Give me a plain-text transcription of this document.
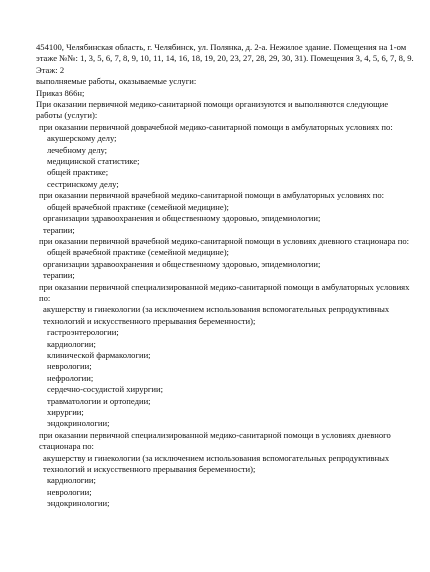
454100, Челябинская область, г. Челябинск, ул. Полянка, д. 2-а. Нежилое здание. Помещения на 1-ом этаже №№: 1, 3, 5, 6, 7, 8, 9, 10, 11, 14, 16, 18, 19, 20, 23, 27, 28, 29, 30, 31). Помещения 3, 4, 5, 6, 7, 8, 9. Этаж: 2
выполняемые работы, оказываемые услуги:
Приказ 866н;
При оказании первичной медико-санитарной помощи организуются и выполняются следующие работы (услуги):
при оказании первичной доврачебной медико-санитарной помощи в амбулаторных условиях по:
акушерскому делу;
лечебному делу;
медицинской статистике;
общей практике;
сестринскому делу;
при оказании первичной врачебной медико-санитарной помощи в амбулаторных условиях по:
общей врачебной практике (семейной медицине);
организации здравоохранения и общественному здоровью, эпидемиологии;
терапии;
при оказании первичной врачебной медико-санитарной помощи в условиях дневного стационара по:
общей врачебной практике (семейной медицине);
организации здравоохранения и общественному здоровью, эпидемиологии;
терапии;
при оказании первичной специализированной медико-санитарной помощи в амбулаторных условиях по:
акушерству и гинекологии (за исключением использования вспомогательных репродуктивных технологий и искусственного прерывания беременности);
гастроэнтерологии;
кардиологии;
клинической фармакологии;
неврологии;
нефрологии;
сердечно-сосудистой хирургии;
травматологии и ортопедии;
хирургии;
эндокринологии;
при оказании первичной специализированной медико-санитарной помощи в условиях дневного стационара по:
акушерству и гинекологии (за исключением использования вспомогательных репродуктивных технологий и искусственного прерывания беременности);
кардиологии;
неврологии;
эндокринологии;
